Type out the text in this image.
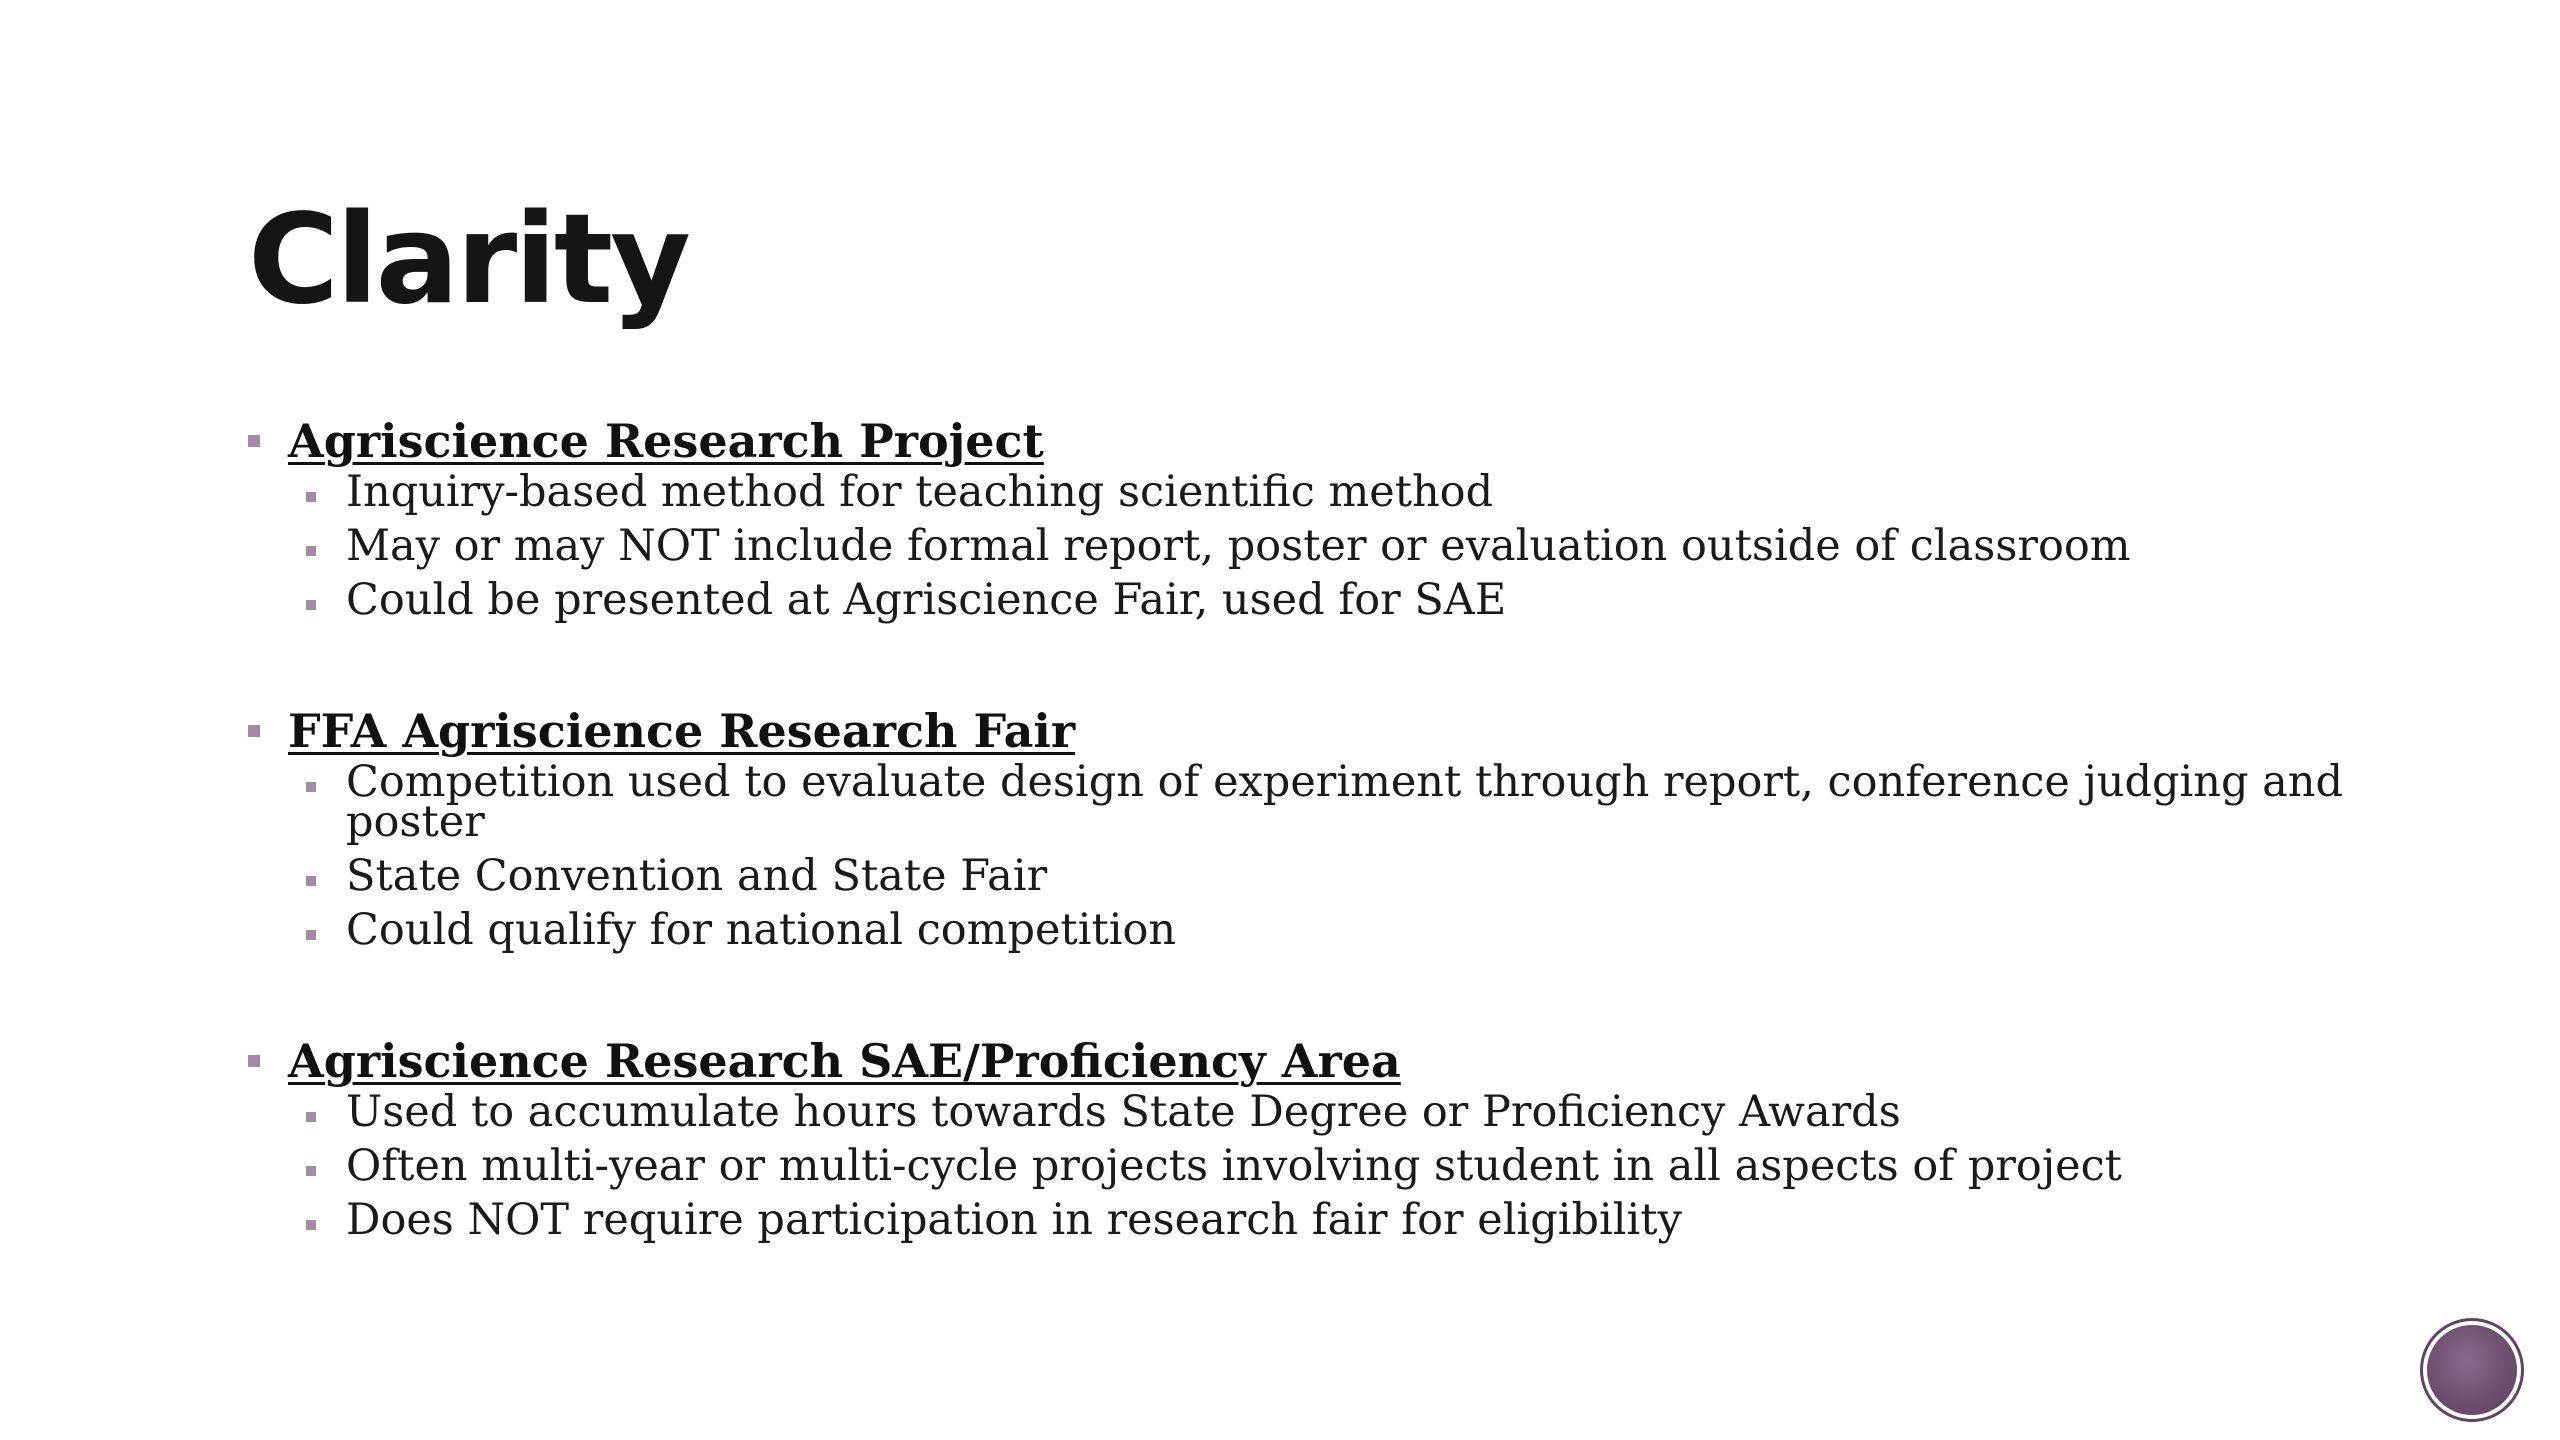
Clarity
Agriscience Research Project
Inquiry-based method for teaching scientific method
May or may NOT include formal report, poster or evaluation outside of classroom
Could be presented at Agriscience Fair, used for SAE
FFA Agriscience Research Fair
Competition used to evaluate design of experiment through report, conference judging and poster
State Convention and State Fair
Could qualify for national competition
Agriscience Research SAE/Proficiency Area
Used to accumulate hours towards State Degree or Proficiency Awards
Often multi-year or multi-cycle projects involving student in all aspects of project
Does NOT require participation in research fair for eligibility
